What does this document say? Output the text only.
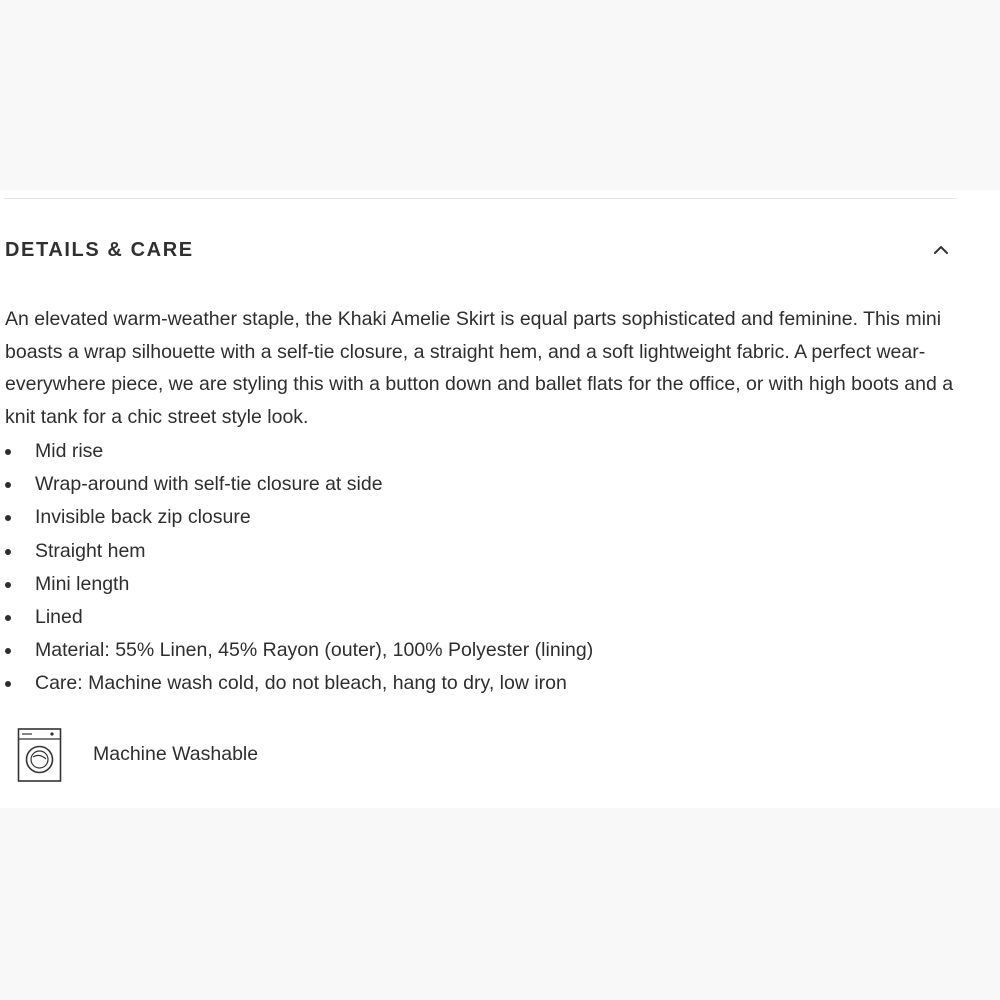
DETAILS & CARE

An elevated warm-weather staple, the Khaki Amelie Skirt is equal parts sophisticated and feminine. This mini boasts a wrap silhouette with a self-tie closure, a straight hem, and a soft lightweight fabric. A perfect wear-everywhere piece, we are styling this with a button down and ballet flats for the office, or with high boots and a knit tank for a chic street style look.

Mid rise
Wrap-around with self-tie closure at side
Invisible back zip closure
Straight hem
Mini length
Lined
Material: 55% Linen, 45% Rayon (outer), 100% Polyester (lining)
Care: Machine wash cold, do not bleach, hang to dry, low iron
Machine Washable
